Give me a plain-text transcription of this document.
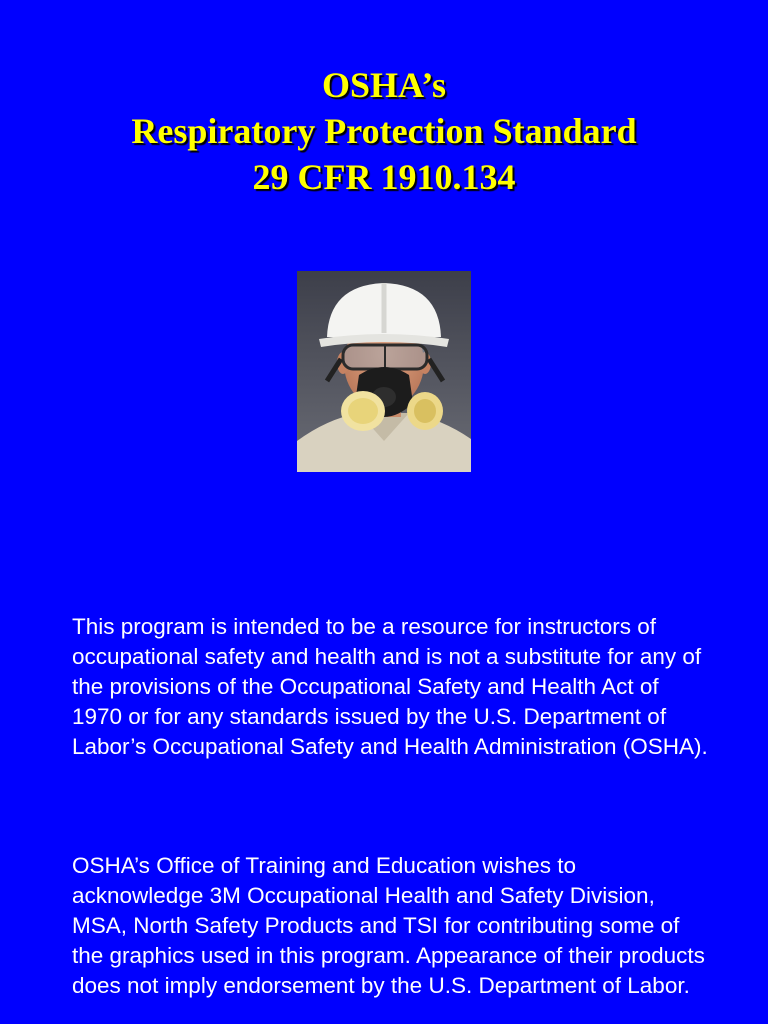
OSHA’s
Respiratory Protection Standard
29 CFR 1910.134

This program is intended to be a resource for instructors of occupational safety and health and is not a substitute for any of the provisions of the Occupational Safety and Health Act of 1970 or for any standards issued by the U.S. Department of Labor’s Occupational Safety and Health Administration (OSHA).

OSHA’s Office of Training and Education wishes to acknowledge 3M Occupational Health and Safety Division, MSA, North Safety Products and TSI for contributing some of the graphics used in this program. Appearance of their products does not imply endorsement by the U.S. Department of Labor.
